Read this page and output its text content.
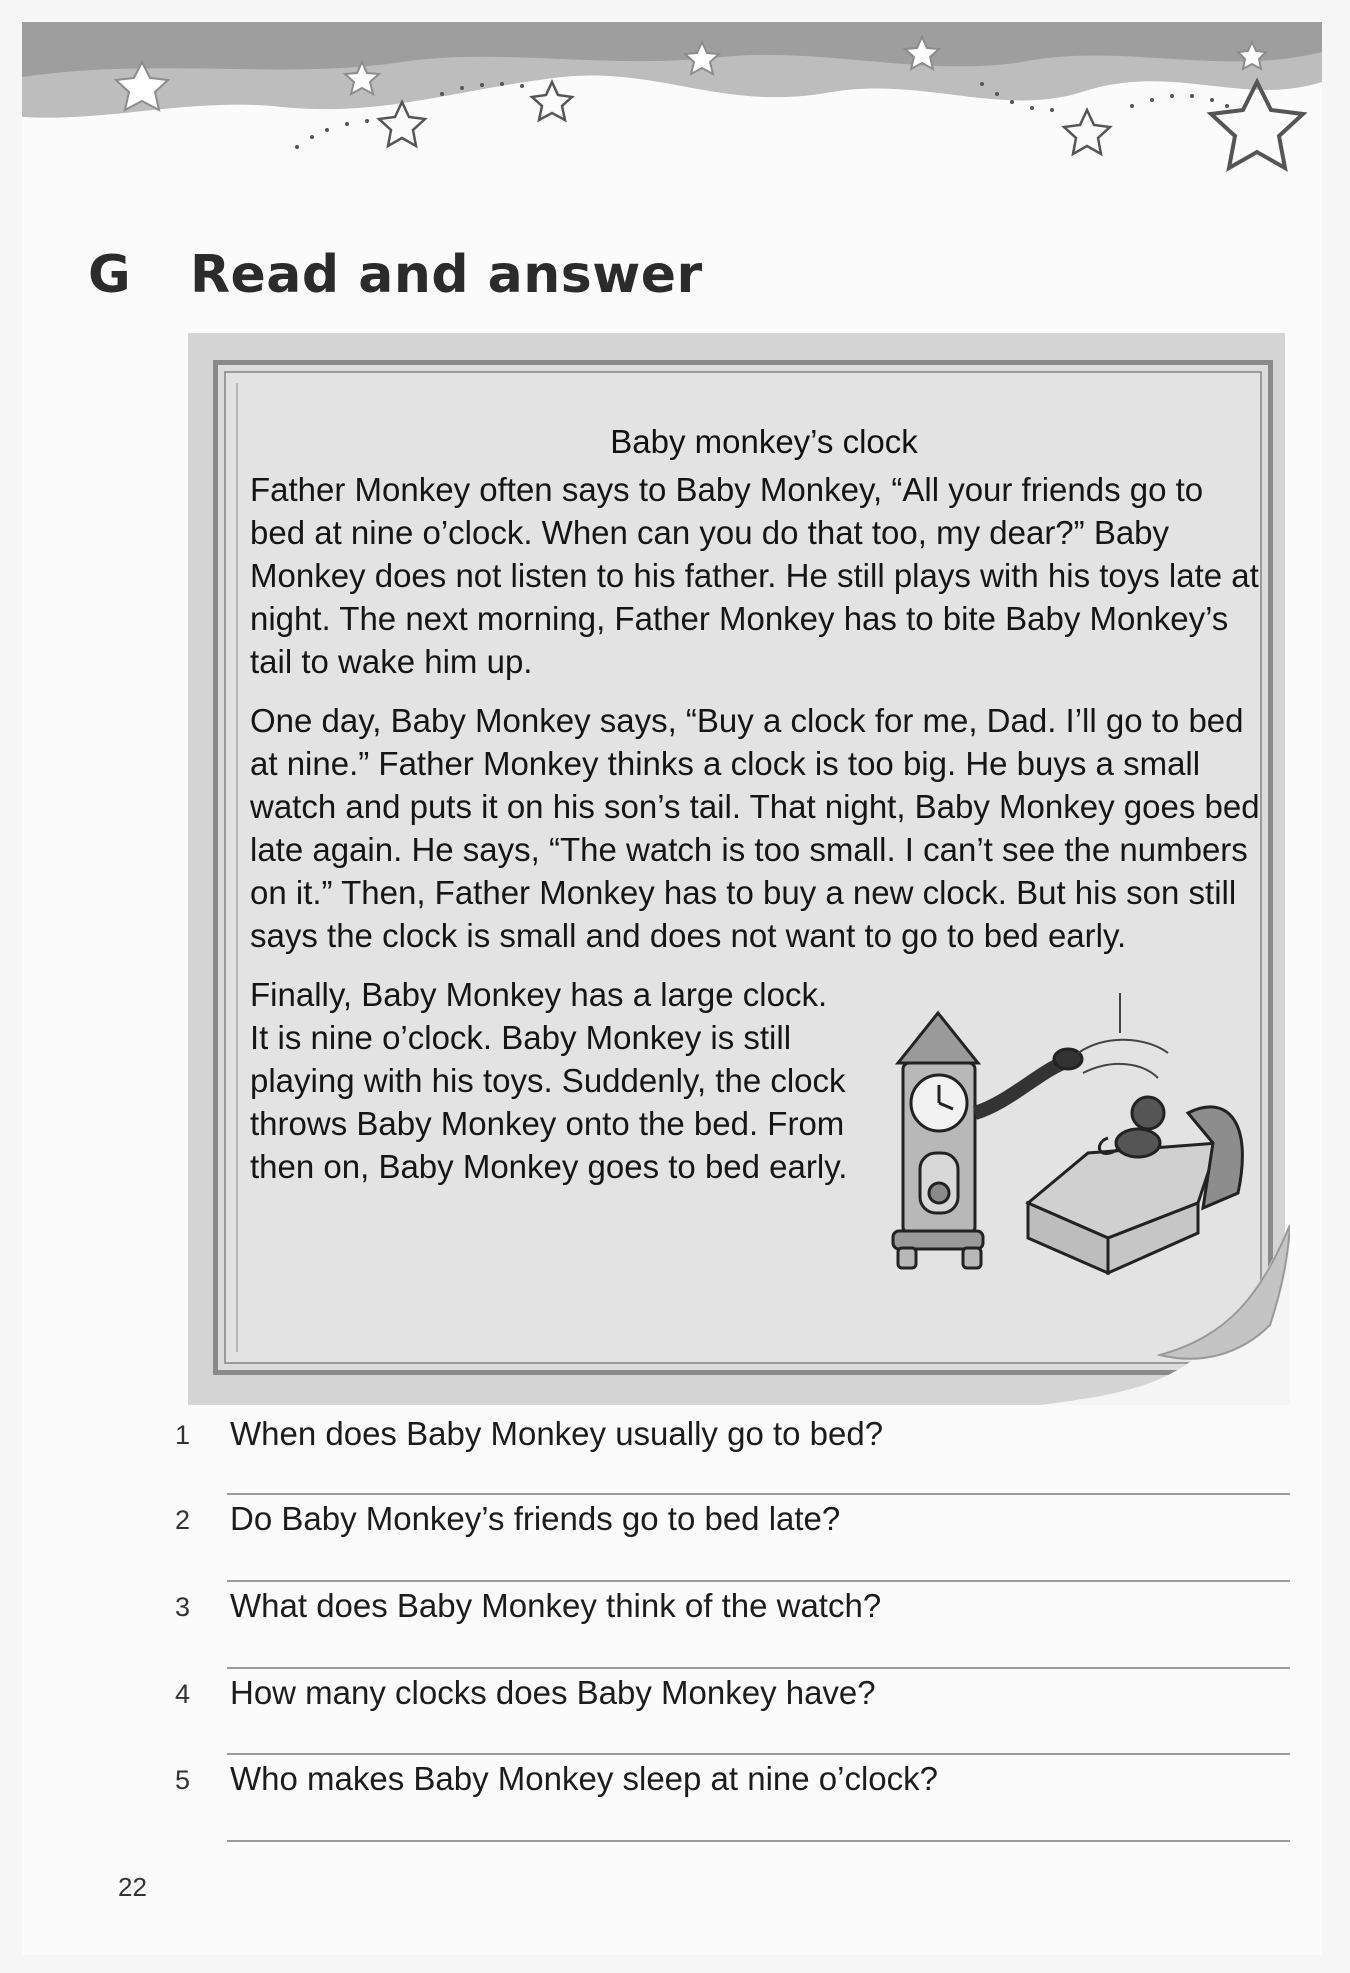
G Read and answer
Baby monkey’s clock

Father Monkey often says to Baby Monkey, “All your friends go to bed at nine o’clock. When can you do that too, my dear?” Baby Monkey does not listen to his father. He still plays with his toys late at night. The next morning, Father Monkey has to bite Baby Monkey’s tail to wake him up.

One day, Baby Monkey says, “Buy a clock for me, Dad. I’ll go to bed at nine.” Father Monkey thinks a clock is too big. He buys a small watch and puts it on his son’s tail. That night, Baby Monkey goes bed late again. He says, “The watch is too small. I can’t see the numbers on it.” Then, Father Monkey has to buy a new clock. But his son still says the clock is small and does not want to go to bed early.

Finally, Baby Monkey has a large clock. It is nine o’clock. Baby Monkey is still playing with his toys. Suddenly, the clock throws Baby Monkey onto the bed. From then on, Baby Monkey goes to bed early.

1	When does Baby Monkey usually go to bed?
2	Do Baby Monkey’s friends go to bed late?
3	What does Baby Monkey think of the watch?
4	How many clocks does Baby Monkey have?
5	Who makes Baby Monkey sleep at nine o’clock?
22
